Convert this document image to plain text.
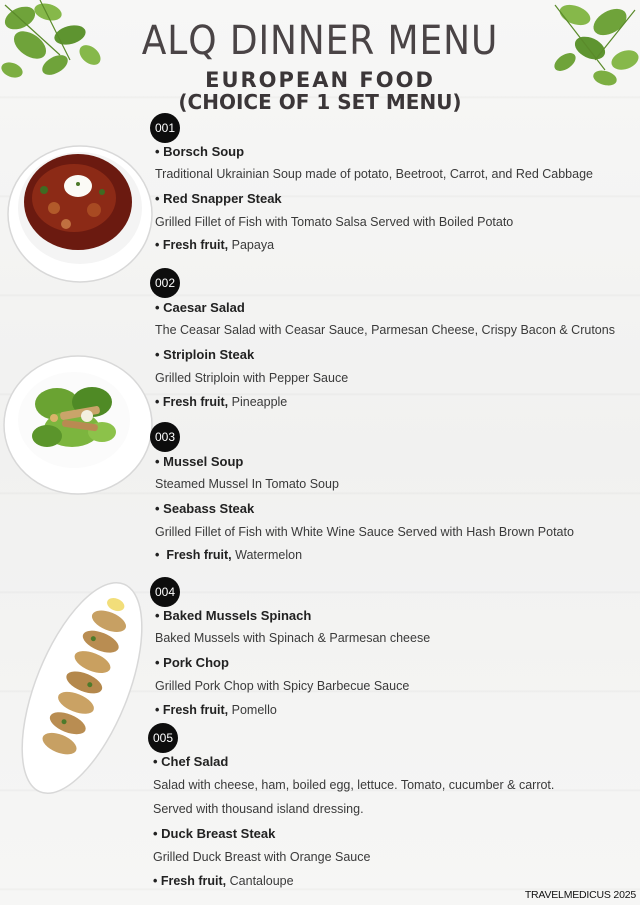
ALQ DINNER MENU
EUROPEAN FOOD
(CHOICE OF 1 SET MENU)
001
• Borsch Soup
Traditional Ukrainian Soup made of potato, Beetroot, Carrot, and Red Cabbage
• Red Snapper Steak
Grilled Fillet of Fish with Tomato Salsa Served with Boiled Potato
• Fresh fruit, Papaya
002
• Caesar Salad
The Ceasar Salad with Ceasar Sauce, Parmesan Cheese, Crispy Bacon & Crutons
• Striploin Steak
Grilled Striploin with Pepper Sauce
• Fresh fruit, Pineapple
003
• Mussel Soup
Steamed Mussel In Tomato Soup
• Seabass Steak
Grilled Fillet of Fish with White Wine Sauce Served with Hash Brown Potato
•  Fresh fruit, Watermelon
004
• Baked Mussels Spinach
Baked Mussels with Spinach & Parmesan cheese
• Pork Chop
Grilled Pork Chop with Spicy Barbecue Sauce
• Fresh fruit, Pomello
005
• Chef Salad
Salad with cheese, ham, boiled egg, lettuce. Tomato, cucumber & carrot.
Served with thousand island dressing.
• Duck Breast Steak
Grilled Duck Breast with Orange Sauce
• Fresh fruit, Cantaloupe
TRAVELMEDICUS 2025
